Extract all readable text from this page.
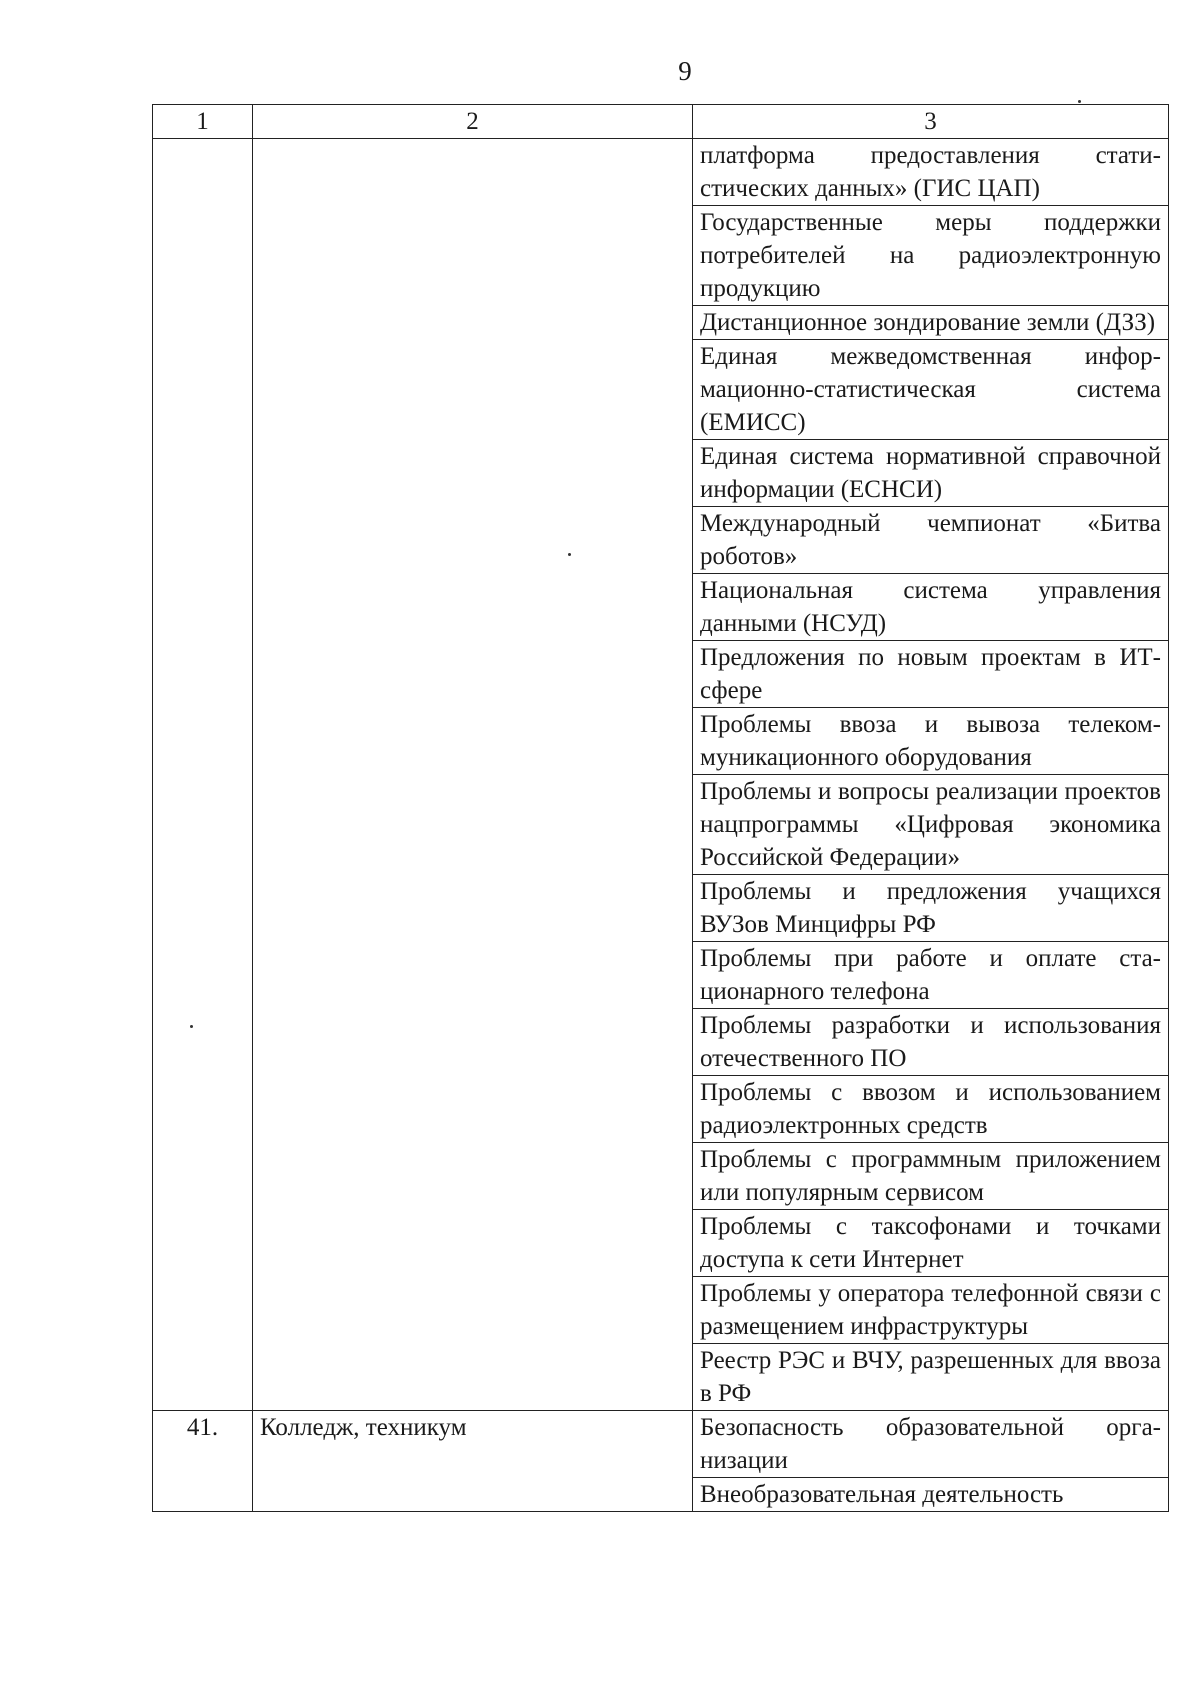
9
1	2	3
		платформа предоставления статистических данных» (ГИС ЦАП)
		Государственные меры поддержки потребителей на радиоэлектронную продукцию
		Дистанционное зондирование земли (ДЗЗ)
		Единая межведомственная информационно-статистическая система (ЕМИСС)
		Единая система нормативной справочной информации (ЕСНСИ)
		Международный чемпионат «Битва роботов»
		Национальная система управления данными (НСУД)
		Предложения по новым проектам в ИТ-сфере
		Проблемы ввоза и вывоза телекоммуникационного оборудования
		Проблемы и вопросы реализации проектов нацпрограммы «Цифровая экономика Российской Федерации»
		Проблемы и предложения учащихся ВУЗов Минцифры РФ
		Проблемы при работе и оплате стационарного телефона
		Проблемы разработки и использования отечественного ПО
		Проблемы с ввозом и использованием радиоэлектронных средств
		Проблемы с программным приложением или популярным сервисом
		Проблемы с таксофонами и точками доступа к сети Интернет
		Проблемы у оператора телефонной связи с размещением инфраструктуры
		Реестр РЭС и ВЧУ, разрешенных для ввоза в РФ
41.	Колледж, техникум	Безопасность образовательной организации
		Внеобразовательная деятельность
